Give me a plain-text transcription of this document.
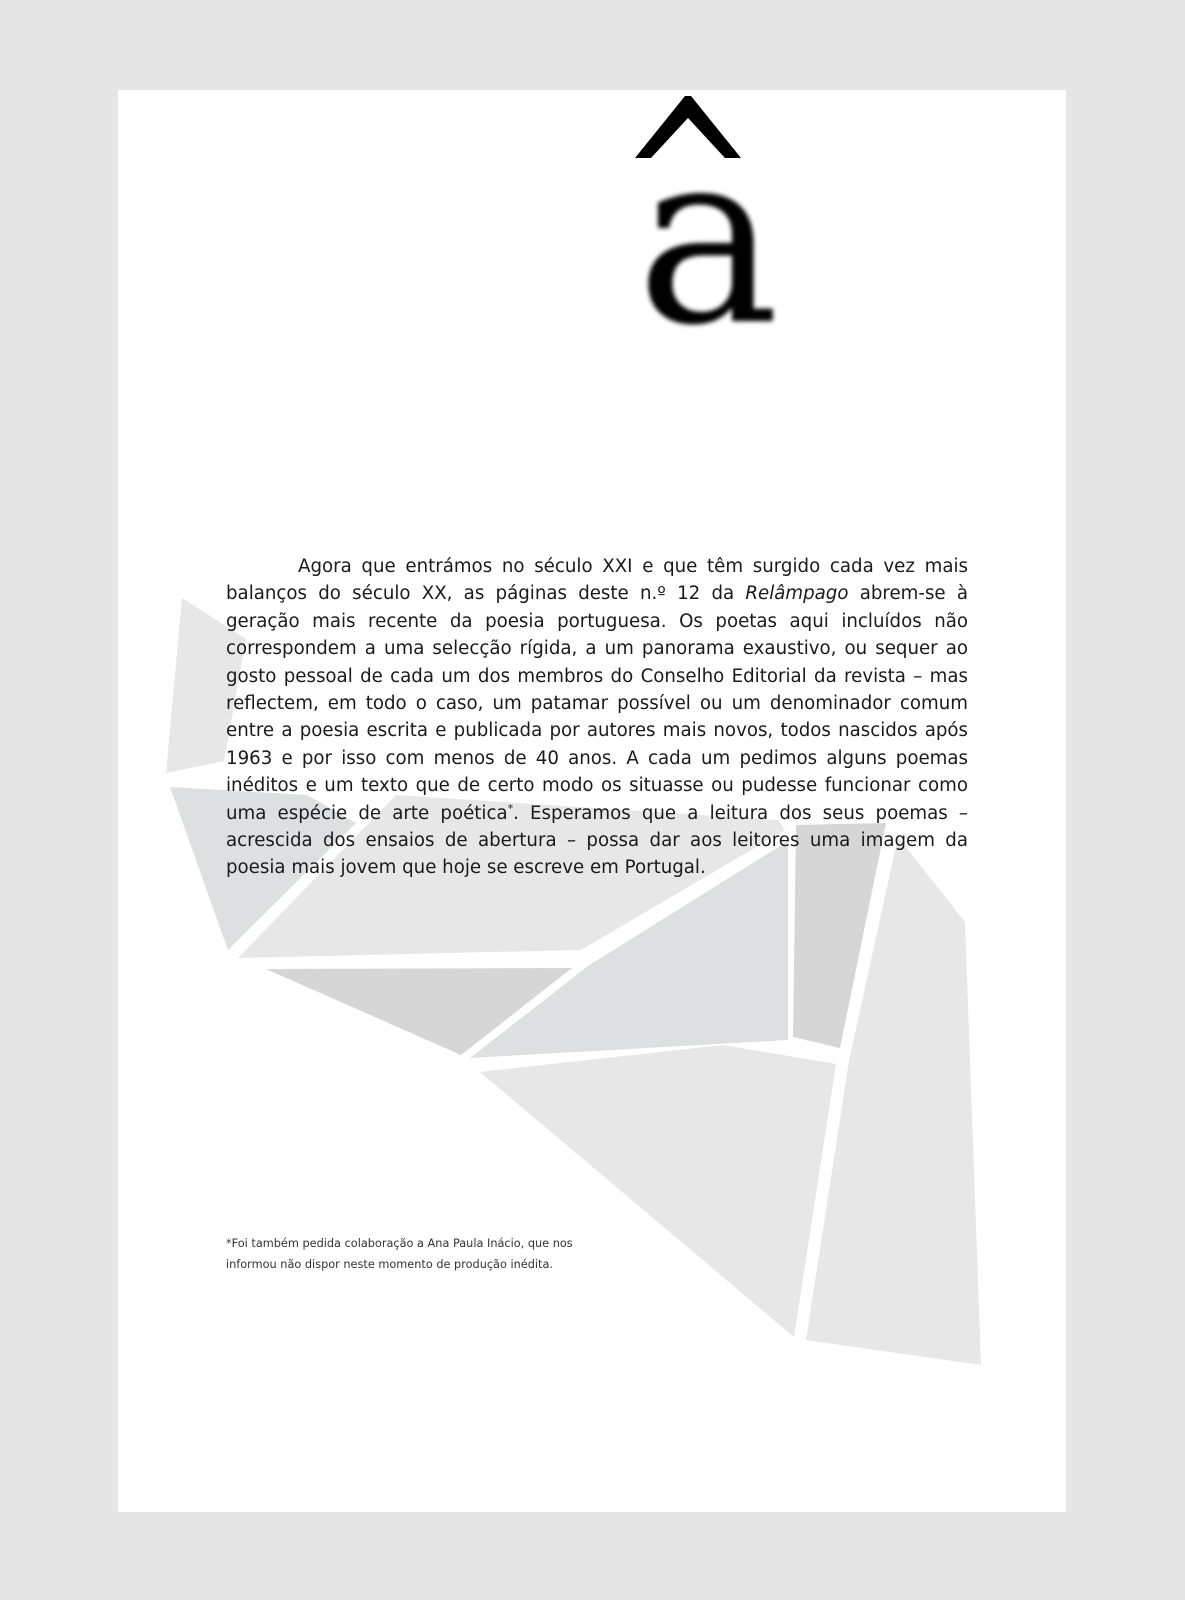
a

Agora que entrámos no século XXI e que têm surgido cada vez mais balanços do século XX, as páginas deste n.º 12 da Relâmpago abrem-se à geração mais recente da poesia portuguesa. Os poetas aqui incluídos não correspondem a uma selecção rígida, a um panorama exaustivo, ou sequer ao gosto pessoal de cada um dos membros do Conselho Editorial da revista – mas reflectem, em todo o caso, um patamar possível ou um denominador comum entre a poesia escrita e publicada por autores mais novos, todos nascidos após 1963 e por isso com menos de 40 anos. A cada um pedimos alguns poemas inéditos e um texto que de certo modo os situasse ou pudesse funcionar como uma espécie de arte poética*. Esperamos que a leitura dos seus poemas – acrescida dos ensaios de abertura – possa dar aos leitores uma imagem da poesia mais jovem que hoje se escreve em Portugal.

*Foi também pedida colaboração a Ana Paula Inácio, que nos informou não dispor neste momento de produção inédita.
